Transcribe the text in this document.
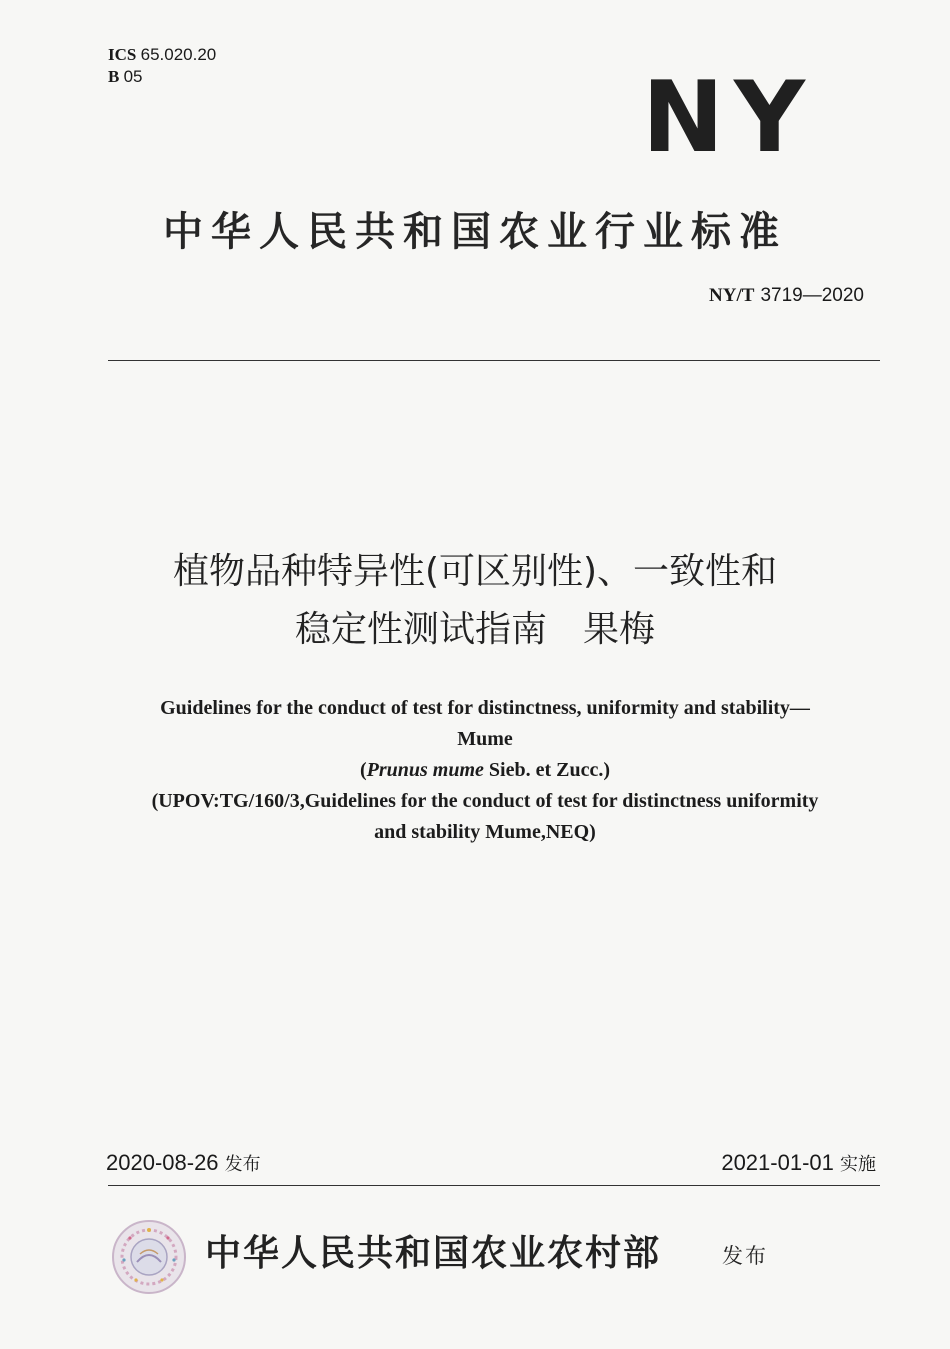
ICS 65.020.20
B 05	NY
中华人民共和国农业行业标准
NY/T 3719—2020
植物品种特异性(可区别性)、一致性和
稳定性测试指南　果梅
Guidelines for the conduct of test for distinctness, uniformity and stability—
Mume
(Prunus mume Sieb. et Zucc.)
(UPOV:TG/160/3,Guidelines for the conduct of test for distinctness uniformity
and stability Mume,NEQ)
2020-08-26 发布	2021-01-01 实施
中华人民共和国农业农村部	发布
